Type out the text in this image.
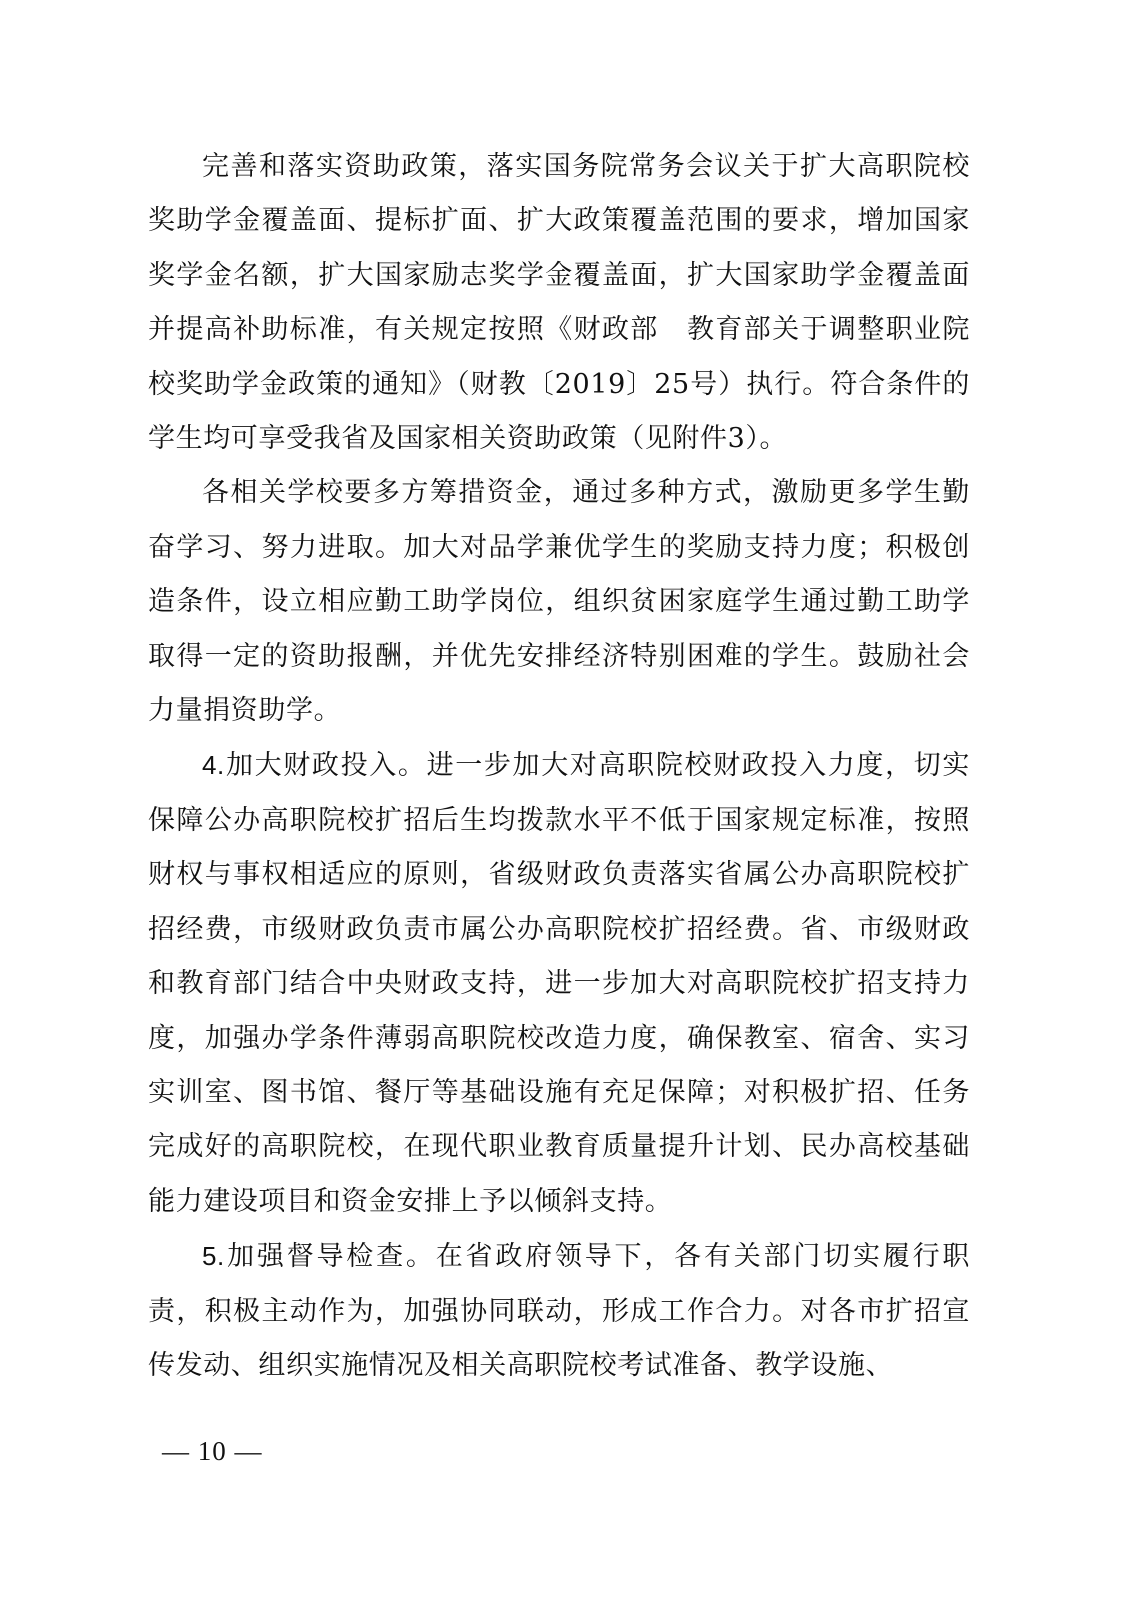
完善和落实资助政策，落实国务院常务会议关于扩大高职院校奖助学金覆盖面、提标扩面、扩大政策覆盖范围的要求，增加国家奖学金名额，扩大国家励志奖学金覆盖面，扩大国家助学金覆盖面并提高补助标准，有关规定按照《财政部　教育部关于调整职业院校奖助学金政策的通知》（财教〔2019〕25号）执行。符合条件的学生均可享受我省及国家相关资助政策（见附件3）。

各相关学校要多方筹措资金，通过多种方式，激励更多学生勤奋学习、努力进取。加大对品学兼优学生的奖励支持力度；积极创造条件，设立相应勤工助学岗位，组织贫困家庭学生通过勤工助学取得一定的资助报酬，并优先安排经济特别困难的学生。鼓励社会力量捐资助学。

4.加大财政投入。进一步加大对高职院校财政投入力度，切实保障公办高职院校扩招后生均拨款水平不低于国家规定标准，按照财权与事权相适应的原则，省级财政负责落实省属公办高职院校扩招经费，市级财政负责市属公办高职院校扩招经费。省、市级财政和教育部门结合中央财政支持，进一步加大对高职院校扩招支持力度，加强办学条件薄弱高职院校改造力度，确保教室、宿舍、实习实训室、图书馆、餐厅等基础设施有充足保障；对积极扩招、任务完成好的高职院校，在现代职业教育质量提升计划、民办高校基础能力建设项目和资金安排上予以倾斜支持。

5.加强督导检查。在省政府领导下，各有关部门切实履行职责，积极主动作为，加强协同联动，形成工作合力。对各市扩招宣传发动、组织实施情况及相关高职院校考试准备、教学设施、

— 10 —
